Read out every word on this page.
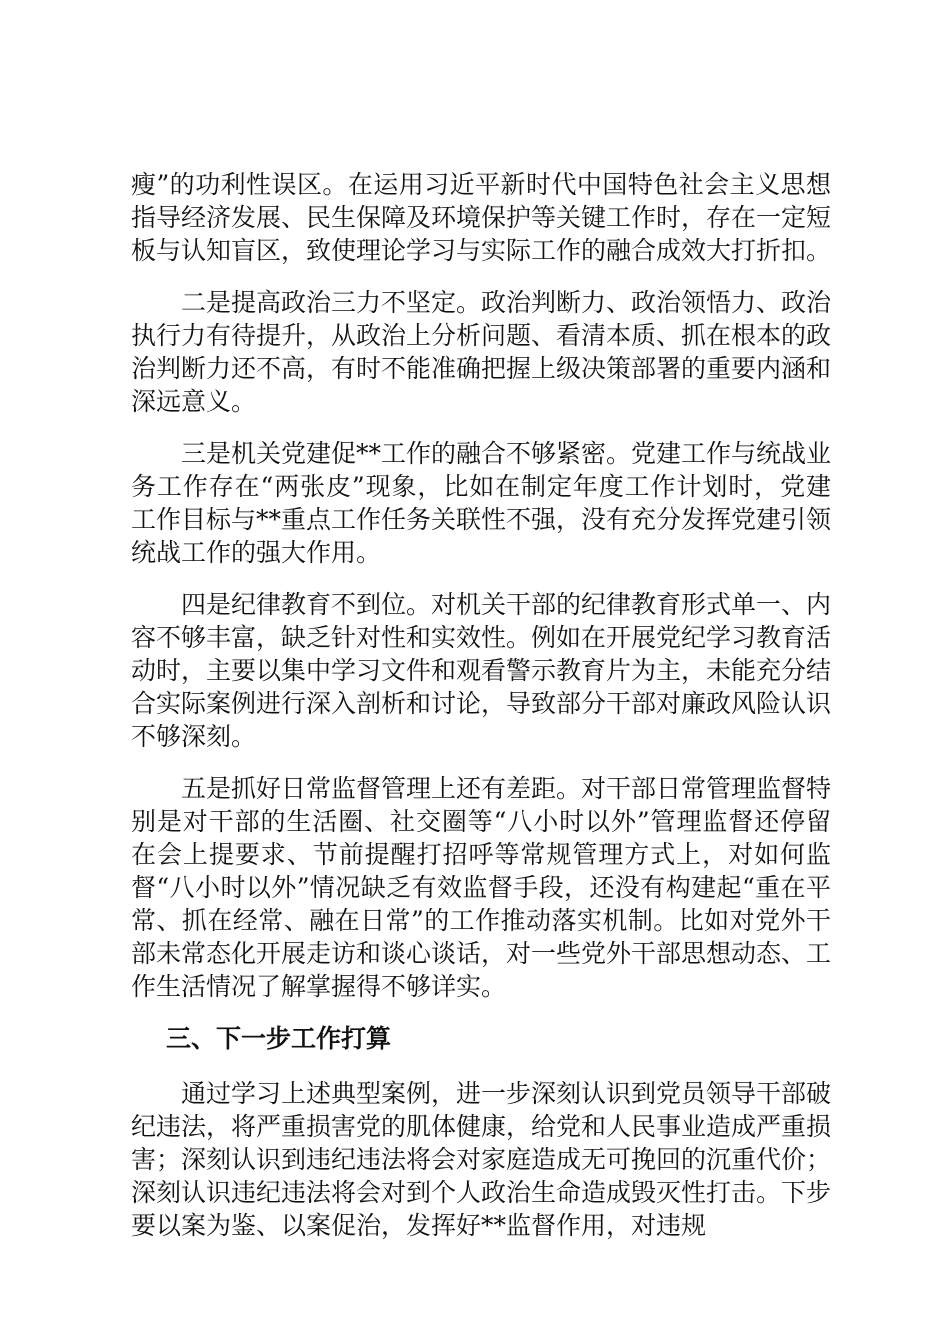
瘦”的功利性误区。在运用习近平新时代中国特色社会主义思想指导经济发展、民生保障及环境保护等关键工作时，存在一定短板与认知盲区，致使理论学习与实际工作的融合成效大打折扣。

二是提高政治三力不坚定。政治判断力、政治领悟力、政治执行力有待提升，从政治上分析问题、看清本质、抓在根本的政治判断力还不高，有时不能准确把握上级决策部署的重要内涵和深远意义。

三是机关党建促**工作的融合不够紧密。党建工作与统战业务工作存在“两张皮”现象，比如在制定年度工作计划时，党建工作目标与**重点工作任务关联性不强，没有充分发挥党建引领统战工作的强大作用。

四是纪律教育不到位。对机关干部的纪律教育形式单一、内容不够丰富，缺乏针对性和实效性。例如在开展党纪学习教育活动时，主要以集中学习文件和观看警示教育片为主，未能充分结合实际案例进行深入剖析和讨论，导致部分干部对廉政风险认识不够深刻。

五是抓好日常监督管理上还有差距。对干部日常管理监督特别是对干部的生活圈、社交圈等“八小时以外”管理监督还停留在会上提要求、节前提醒打招呼等常规管理方式上，对如何监督“八小时以外”情况缺乏有效监督手段，还没有构建起“重在平常、抓在经常、融在日常”的工作推动落实机制。比如对党外干部未常态化开展走访和谈心谈话，对一些党外干部思想动态、工作生活情况了解掌握得不够详实。

三、下一步工作打算

通过学习上述典型案例，进一步深刻认识到党员领导干部破纪违法，将严重损害党的肌体健康，给党和人民事业造成严重损害；深刻认识到违纪违法将会对家庭造成无可挽回的沉重代价；深刻认识违纪违法将会对到个人政治生命造成毁灭性打击。下步要以案为鉴、以案促治，发挥好**监督作用，对违规
